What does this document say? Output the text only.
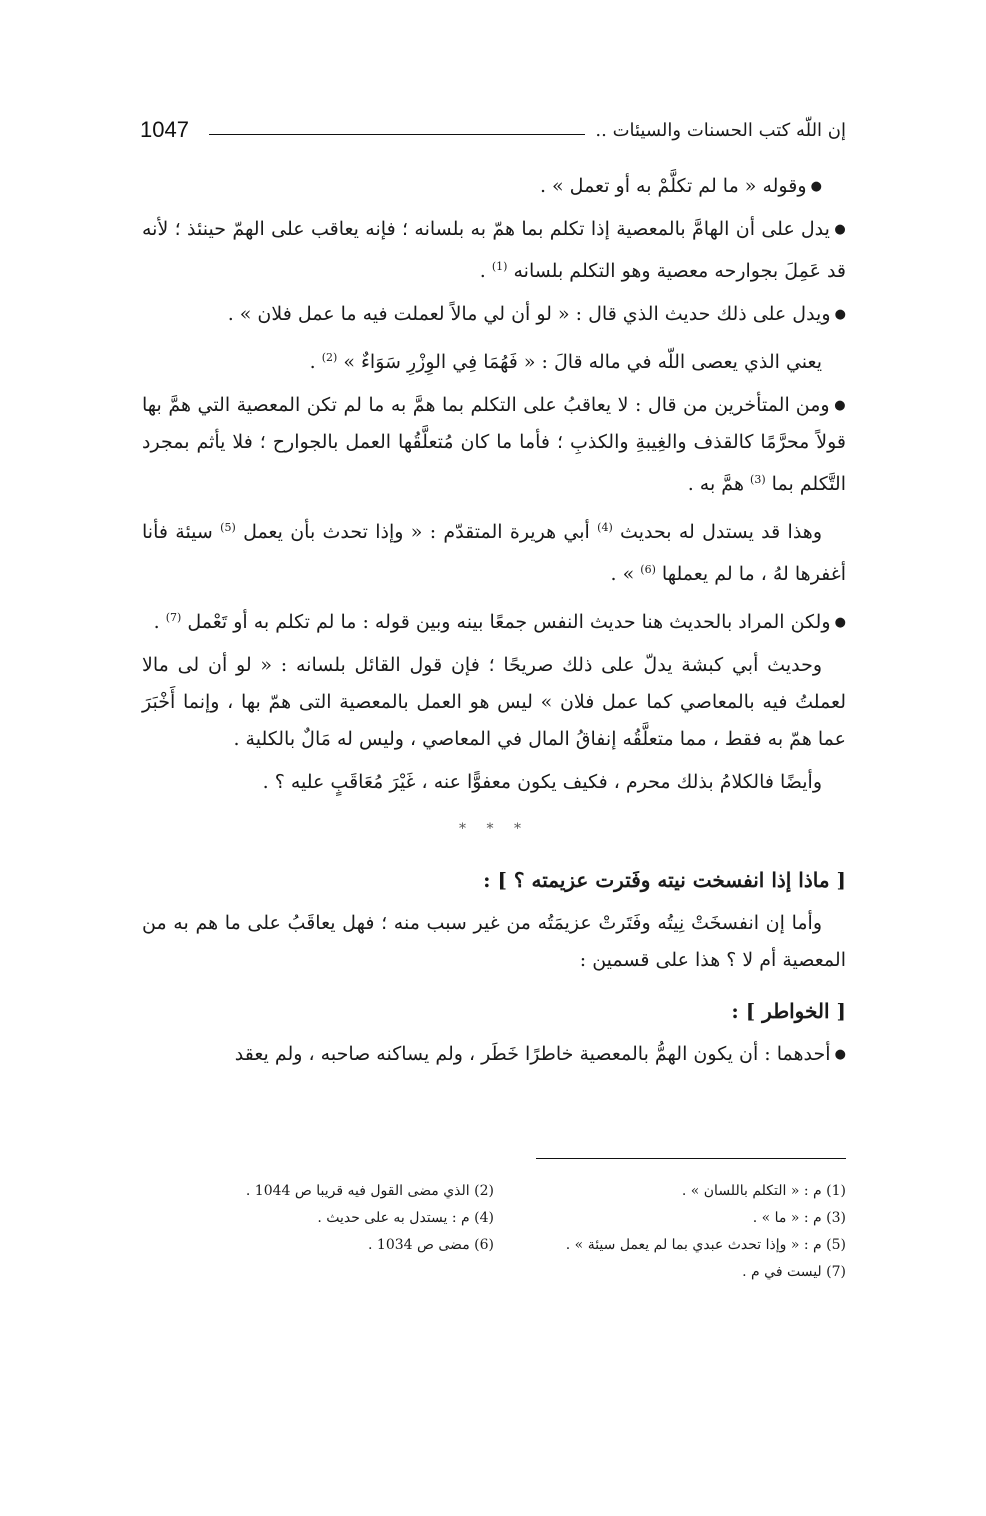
1047	إن اللّه كتب الحسنات والسيئات ..

● وقوله « ما لم تكلَّمْ به أو تعمل » .

● يدل على أن الهامَّ بالمعصية إذا تكلم بما همّ به بلسانه ؛ فإنه يعاقب على الهمّ حينئذ ؛ لأنه قد عَمِلَ بجوارحه معصية وهو التكلم بلسانه $^{(1)}$ .

● ويدل على ذلك حديث الذي قال : « لو أن لي مالاً لعملت فيه ما عمل فلان » .

يعني الذي يعصى اللّه في ماله قالَ : « فَهُمَا فِي الوِزْرِ سَوَاءٌ » $^{(2)}$ .

● ومن المتأخرين من قال : لا يعاقبُ على التكلم بما همَّ به ما لم تكن المعصية التي همَّ بها قولاً محرَّمًا كالقذف والغِيبةِ والكذبِ ؛ فأما ما كان مُتعلَّقُها العمل بالجوارح ؛ فلا يأثم بمجرد التَّكلم بما $^{(3)}$ همَّ به .

وهذا قد يستدل له بحديث $^{(4)}$ أبي هريرة المتقدّم : « وإذا تحدث بأن يعمل $^{(5)}$ سيئة فأنا أغفرها لهُ ، ما لم يعملها $^{(6)}$ » .

● ولكن المراد بالحديث هنا حديث النفس جمعًا بينه وبين قوله : ما لم تكلم به أو تَعْمل $^{(7)}$ .

وحديث أبي كبشة يدلّ على ذلك صريحًا ؛ فإن قول القائل بلسانه : « لو أن لى مالا لعملتُ فيه بالمعاصي كما عمل فلان » ليس هو العمل بالمعصية التى همّ بها ، وإنما أَخْبَرَ عما همّ به فقط ، مما متعلَّقُه إنفاقُ المال في المعاصي ، وليس له مَالٌ بالكلية .

وأيضًا فالكلامُ بذلك محرم ، فكيف يكون معفوًّا عنه ، غَيْرَ مُعَاقَبٍ عليه ؟ .

* * *

[ ماذا إذا انفسخت نيته وفَترت عزيمته ؟ ] :

وأما إن انفسخَتْ نِيتُه وفَتَرتْ عزيمَتُه من غير سبب منه ؛ فهل يعاقَبُ على ما هم به من المعصية أم لا ؟ هذا على قسمين :

[ الخواطر ] :

● أحدهما : أن يكون الهمُّ بالمعصية خاطرًا خَطَر ، ولم يساكنه صاحبه ، ولم يعقد

(1) م : « التكلم باللسان » .
(2) الذي مضى القول فيه قريبا ص 1044 .
(3) م : « ما » .
(4) م : يستدل به على حديث .
(5) م : « وإذا تحدث عبدي بما لم يعمل سيئة » .
(6) مضى ص 1034 .
(7) ليست في م .
